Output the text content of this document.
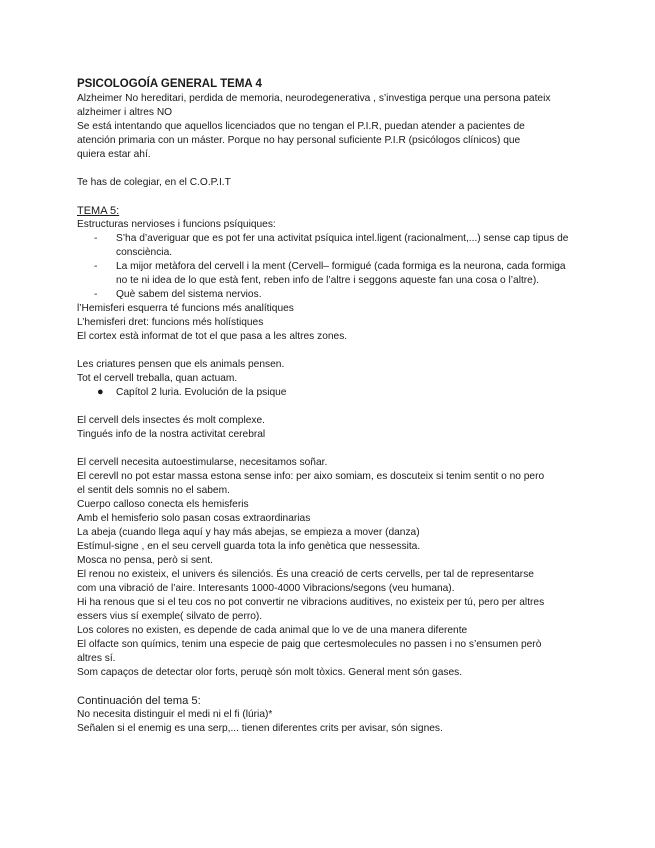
PSICOLOGOÍA GENERAL TEMA 4
Alzheimer No hereditari, perdida de memoria, neurodegenerativa , s’investiga perque una persona pateix
alzheimer i altres NO
Se está intentando que aquellos licenciados que no tengan el P.I.R, puedan atender a pacientes de
atención primaria con un máster. Porque no hay personal suficiente P.I.R (psicólogos clínicos) que
quiera estar ahí.
Te has de colegiar, en el C.O.P.I.T
TEMA 5:
Estructuras nervioses i funcions psíquiques:
- S’ha d’averiguar que es pot fer una activitat psíquica intel.ligent (racionalment,...) sense cap tipus de consciència.
- La mijor metàfora del cervell i la ment (Cervell– formigué (cada formiga es la neurona, cada formiga no te ni idea de lo que està fent, reben info de l’altre i seggons aqueste fan una cosa o l’altre).
- Què sabem del sistema nervios.
l’Hemisferi esquerra té funcions més analítiques
L’hemisferi dret: funcions més holístiques
El cortex està informat de tot el que pasa a les altres zones.
Les criatures pensen que els animals pensen.
Tot el cervell treballa, quan actuam.
● Capítol 2 luria. Evolución de la psique
El cervell dels insectes és molt complexe.
Tingués info de la nostra activitat cerebral
El cervell necesita autoestimularse, necesitamos soñar.
El cerevll no pot estar massa estona sense info: per aixo somiam, es doscuteix si tenim sentit o no pero
el sentit dels somnis no el sabem.
Cuerpo calloso conecta els hemisferis
Amb el hemisferio solo pasan cosas extraordinarias
La abeja (cuando llega aquí y hay más abejas, se empieza a mover (danza)
Estímul-signe , en el seu cervell guarda tota la info genètica que nessessita.
Mosca no pensa, però si sent.
El renou no existeix, el univers és silenciós. És una creació de certs cervells, per tal de representarse
com una vibració de l’aire. Interesants 1000-4000 Vibracions/segons (veu humana).
Hi ha renous que si el teu cos no pot convertir ne vibracions auditives, no existeix per tú, pero per altres
essers vius sí exemple( silvato de perro).
Los colores no existen, es depende de cada animal que lo ve de una manera diferente
El olfacte son químics, tenim una especie de paig que certesmolecules no passen i no s’ensumen però
altres sí.
Som capaços de detectar olor forts, peruqè són molt tòxics. General ment són gases.
Continuación del tema 5:
No necesita distinguir el medi ni el fi (lúria)*
Señalen si el enemig es una serp,... tienen diferentes crits per avisar, són signes.
